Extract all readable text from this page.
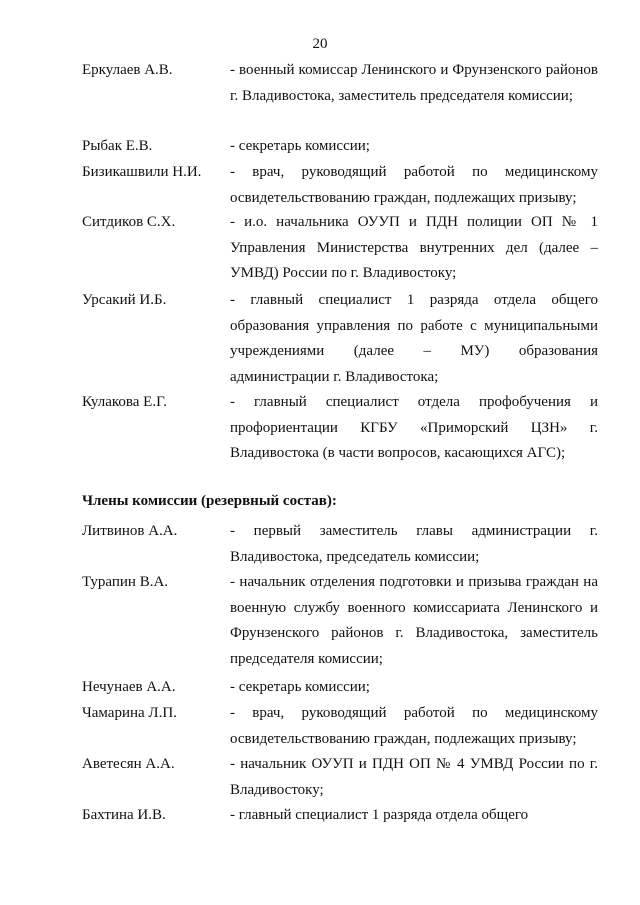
20
Еркулаев А.В.	- военный комиссар Ленинского и Фрунзенского районов г. Владивостока, заместитель председателя комиссии;
Рыбак Е.В.	- секретарь комиссии;
Бизикашвили Н.И. - врач, руководящий работой по медицинскому освидетельствованию граждан, подлежащих призыву;
Ситдиков С.Х.	- и.о. начальника ОУУП и ПДН полиции ОП № 1 Управления Министерства внутренних дел (далее – УМВД) России по г. Владивостоку;
Урсакий И.Б.	- главный специалист 1 разряда отдела общего образования управления по работе с муниципальными учреждениями (далее – МУ) образования администрации г. Владивостока;
Кулакова Е.Г.	- главный специалист отдела профобучения и профориентации КГБУ «Приморский ЦЗН» г. Владивостока (в части вопросов, касающихся АГС);
Члены комиссии (резервный состав):
Литвинов А.А.	- первый заместитель главы администрации г. Владивостока, председатель комиссии;
Турапин В.А.	- начальник отделения подготовки и призыва граждан на военную службу военного комиссариата Ленинского и Фрунзенского районов г. Владивостока, заместитель председателя комиссии;
Нечунаев А.А.	- секретарь комиссии;
Чамарина Л.П.	- врач, руководящий работой по медицинскому освидетельствованию граждан, подлежащих призыву;
Аветесян А.А.	- начальник ОУУП и ПДН ОП № 4 УМВД России по г. Владивостоку;
Бахтина И.В.	- главный специалист 1 разряда отдела общего
